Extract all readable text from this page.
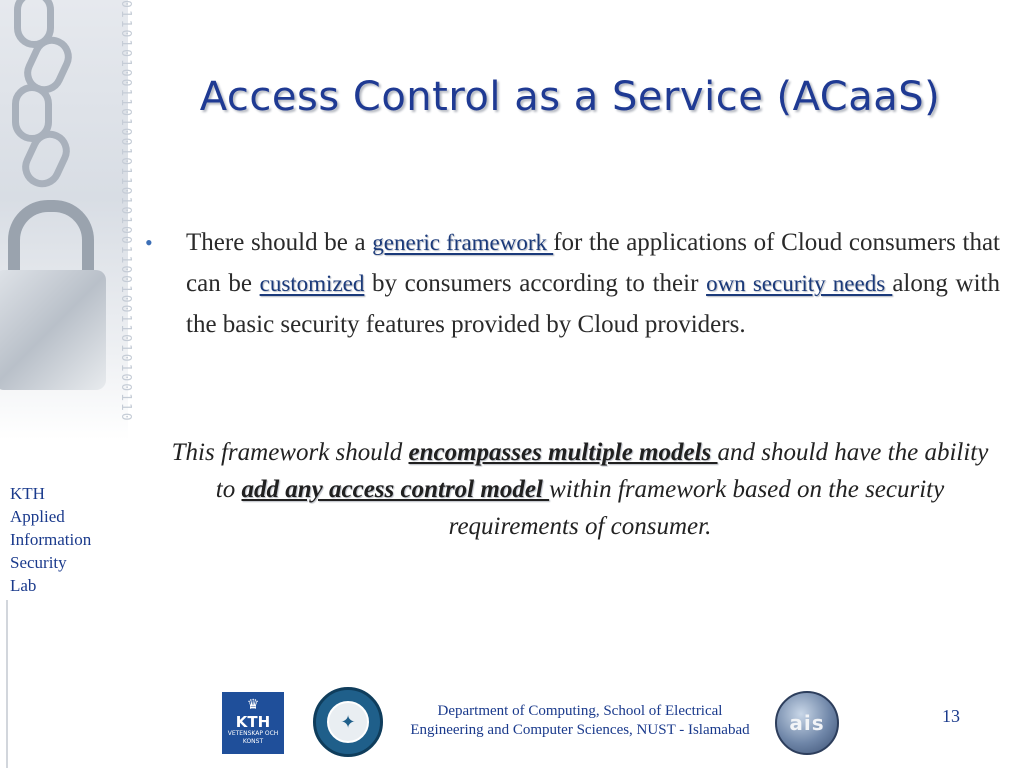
0110101001101001011010100110010011010100110
KTH
Applied
Information
Security
Lab
Access Control as a Service (ACaaS)
• There should be a generic framework for the applications of Cloud consumers that can be customized by consumers according to their own security needs along with the basic security features provided by Cloud providers.
This framework should encompasses multiple models and should have the ability to add any access control model within framework based on the security requirements of consumer.
♛
KTH
VETENSKAP OCH KONST
✦
Department of Computing, School of Electrical Engineering and Computer Sciences, NUST - Islamabad	ais	13
